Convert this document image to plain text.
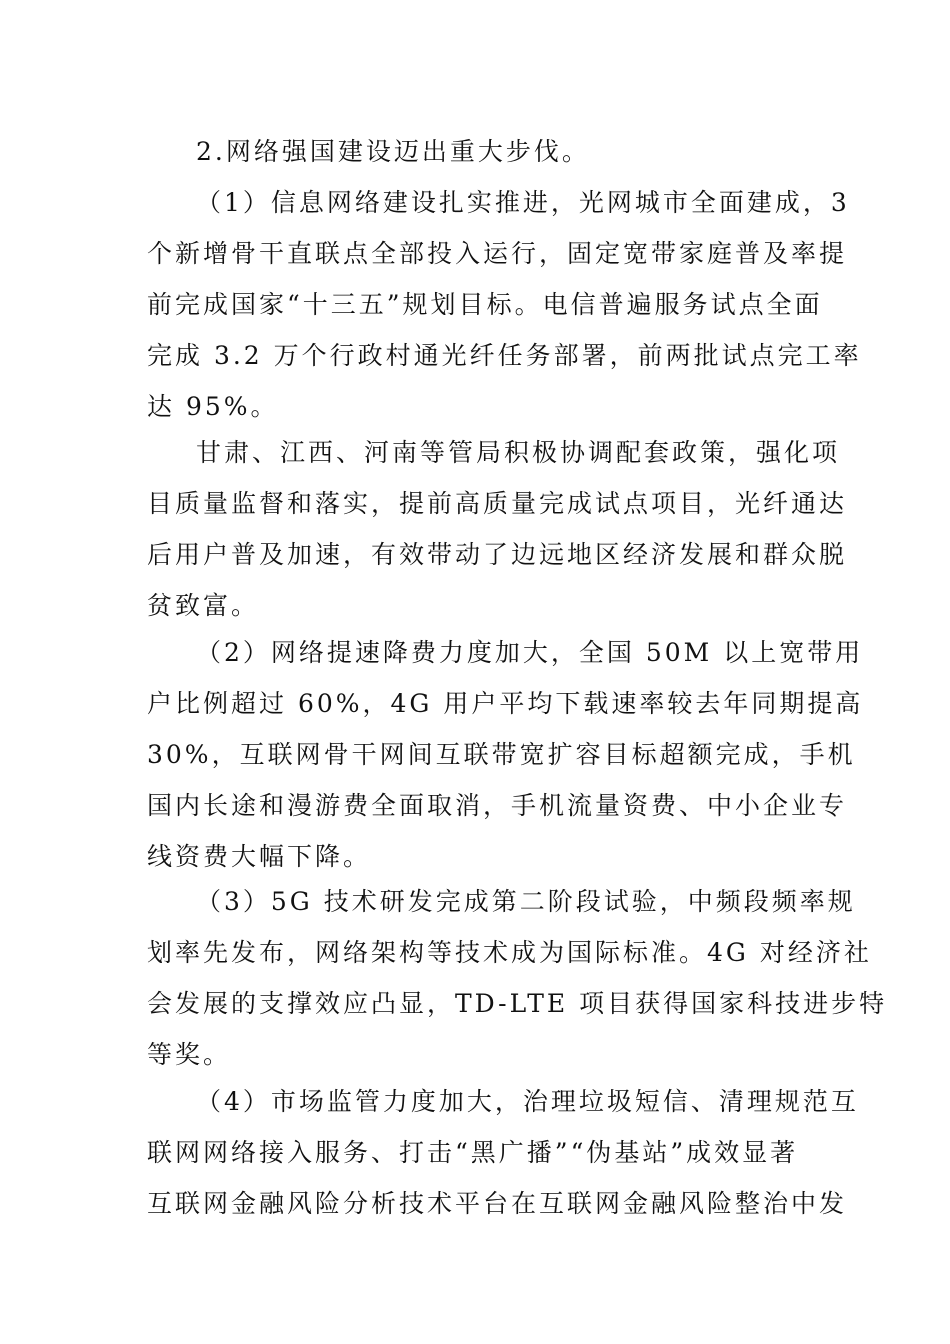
2.网络强国建设迈出重大步伐。

（1）信息网络建设扎实推进，光网城市全面建成，3
个新增骨干直联点全部投入运行，固定宽带家庭普及率提
前完成国家“十三五”规划目标。电信普遍服务试点全面
完成 3.2 万个行政村通光纤任务部署，前两批试点完工率
达 95%。

甘肃、江西、河南等管局积极协调配套政策，强化项
目质量监督和落实，提前高质量完成试点项目，光纤通达
后用户普及加速，有效带动了边远地区经济发展和群众脱
贫致富。

（2）网络提速降费力度加大，全国 50M 以上宽带用
户比例超过 60%，4G 用户平均下载速率较去年同期提高
30%，互联网骨干网间互联带宽扩容目标超额完成，手机
国内长途和漫游费全面取消，手机流量资费、中小企业专
线资费大幅下降。

（3）5G 技术研发完成第二阶段试验，中频段频率规
划率先发布，网络架构等技术成为国际标准。4G 对经济社
会发展的支撑效应凸显，TD-LTE 项目获得国家科技进步特
等奖。

（4）市场监管力度加大，治理垃圾短信、清理规范互
联网网络接入服务、打击“黑广播”“伪基站”成效显著
互联网金融风险分析技术平台在互联网金融风险整治中发
